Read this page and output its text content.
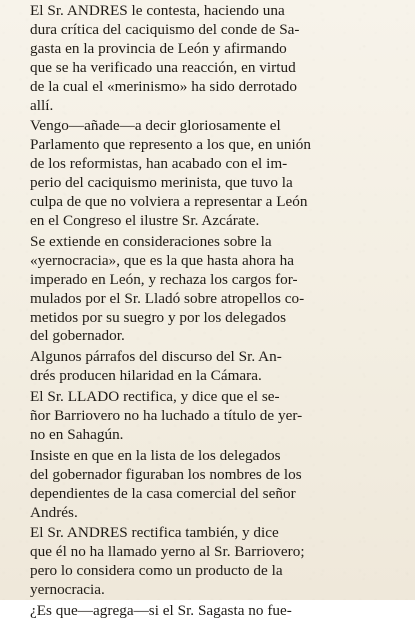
El Sr. ANDRES le contesta, haciendo una
dura crítica del caciquismo del conde de Sa-
gasta en la provincia de León y afirmando
que se ha verificado una reacción, en virtud
de la cual el «merinismo» ha sido derrotado
allí.
Vengo—añade—a decir gloriosamente el
Parlamento que represento a los que, en unión
de los reformistas, han acabado con el im-
perio del caciquismo merinista, que tuvo la
culpa de que no volviera a representar a León
en el Congreso el ilustre Sr. Azcárate.
Se extiende en consideraciones sobre la
«yernocracia», que es la que hasta ahora ha
imperado en León, y rechaza los cargos for-
mulados por el Sr. Lladó sobre atropellos co-
metidos por su suegro y por los delegados
del gobernador.
Algunos párrafos del discurso del Sr. An-
drés producen hilaridad en la Cámara.
El Sr. LLADO rectifica, y dice que el se-
ñor Barriovero no ha luchado a título de yer-
no en Sahagún.
Insiste en que en la lista de los delegados
del gobernador figuraban los nombres de los
dependientes de la casa comercial del señor
Andrés.
El Sr. ANDRES rectifica también, y dice
que él no ha llamado yerno al Sr. Barriovero;
pero lo considera como un producto de la
yernocracia.
¿Es que—agrega—si el Sr. Sagasta no fue-
